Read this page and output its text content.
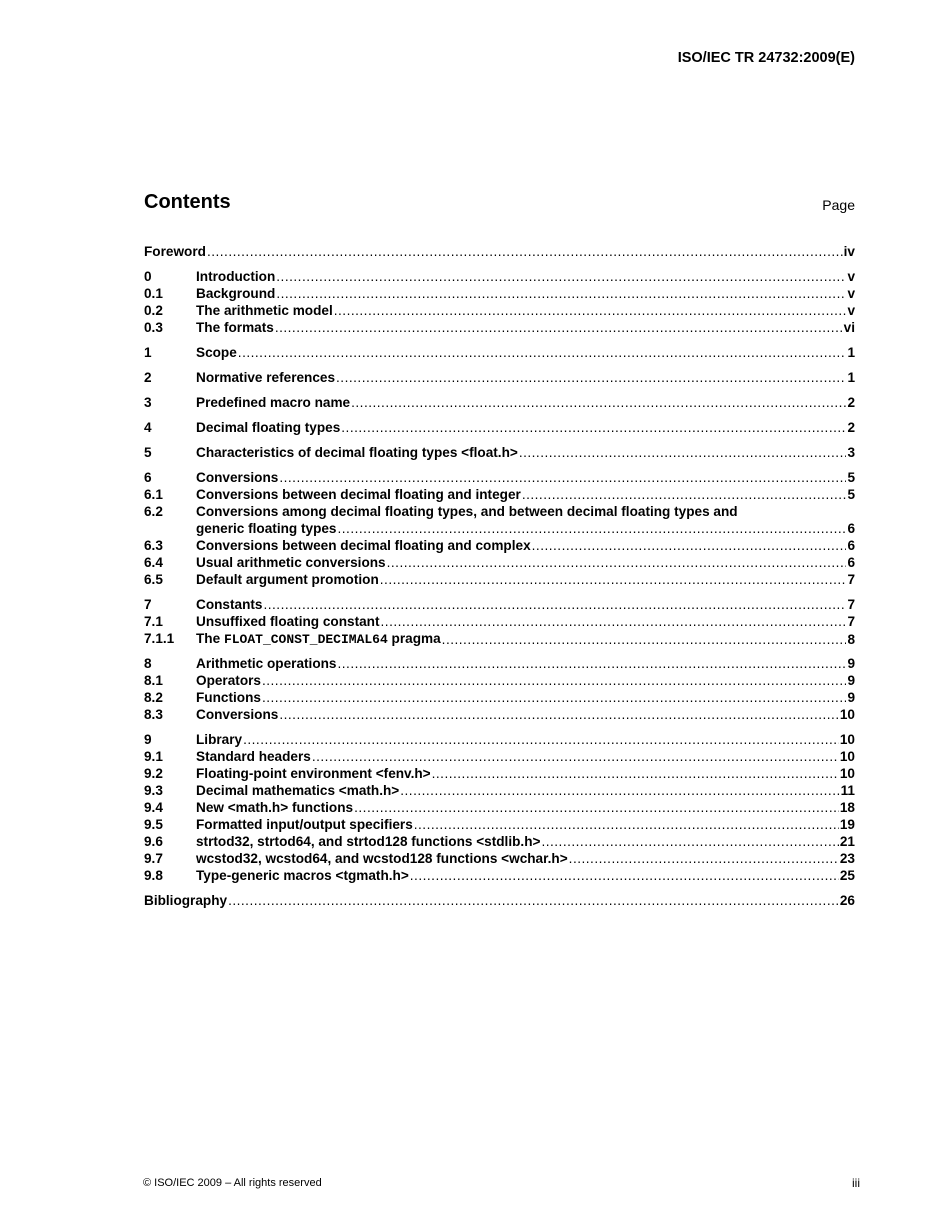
ISO/IEC TR 24732:2009(E)
Contents	Page
Foreword .....	iv
0	Introduction .....	v
0.1	Background .....	v
0.2	The arithmetic model .....	v
0.3	The formats .....	vi
1	Scope .....	1
2	Normative references .....	1
3	Predefined macro name .....	2
4	Decimal floating types .....	2
5	Characteristics of decimal floating types <float.h> .....	3
6	Conversions .....	5
6.1	Conversions between decimal floating and integer .....	5
6.2	Conversions among decimal floating types, and between decimal floating types and
generic floating types .....	6
6.3	Conversions between decimal floating and complex .....	6
6.4	Usual arithmetic conversions .....	6
6.5	Default argument promotion .....	7
7	Constants .....	7
7.1	Unsuffixed floating constant .....	7
7.1.1	The FLOAT_CONST_DECIMAL64 pragma .....	8
8	Arithmetic operations .....	9
8.1	Operators .....	9
8.2	Functions .....	9
8.3	Conversions .....	10
9	Library .....	10
9.1	Standard headers .....	10
9.2	Floating-point environment <fenv.h> .....	10
9.3	Decimal mathematics <math.h> .....	11
9.4	New <math.h> functions .....	18
9.5	Formatted input/output specifiers .....	19
9.6	strtod32, strtod64, and strtod128 functions <stdlib.h> .....	21
9.7	wcstod32, wcstod64, and wcstod128 functions <wchar.h> .....	23
9.8	Type-generic macros <tgmath.h> .....	25
Bibliography .....	26
© ISO/IEC 2009 – All rights reserved	iii
